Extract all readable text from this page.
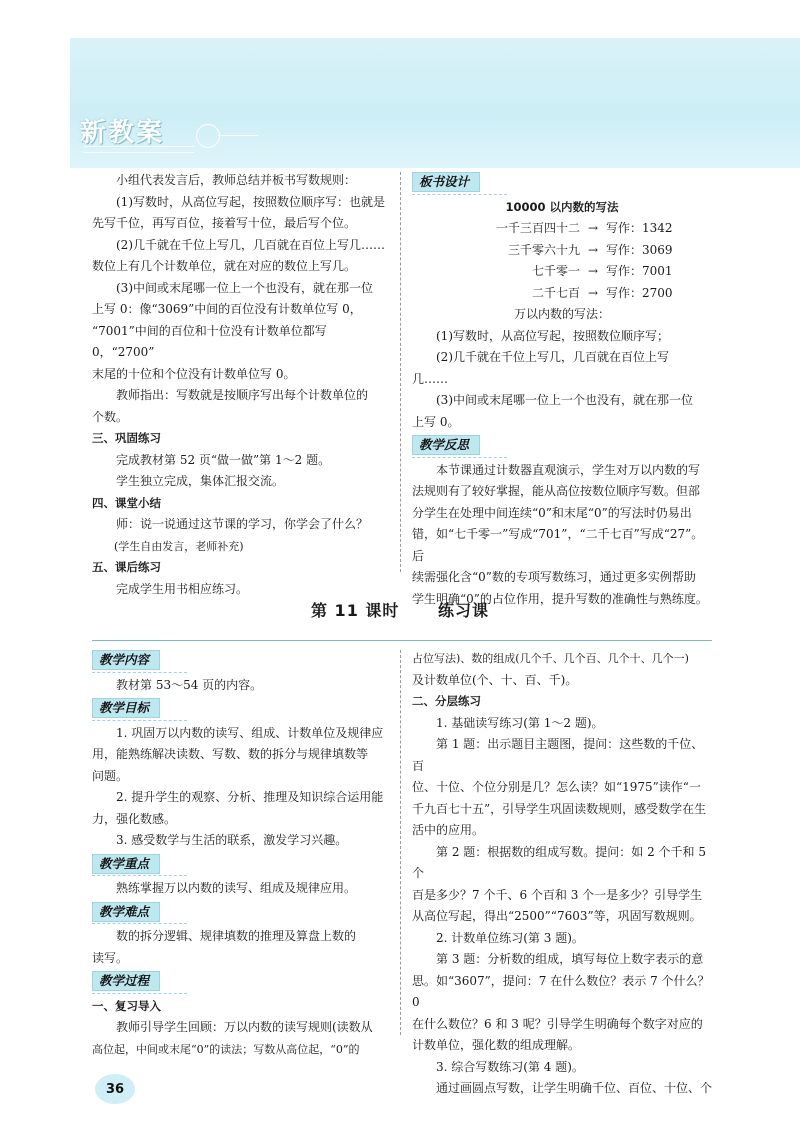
新教案

小组代表发言后，教师总结并板书写数规则：

(1)写数时，从高位写起，按照数位顺序写：也就是

先写千位，再写百位，接着写十位，最后写个位。

(2)几千就在千位上写几，几百就在百位上写几……

数位上有几个计数单位，就在对应的数位上写几。

(3)中间或末尾哪一位上一个也没有，就在那一位

上写 0：像“3069”中间的百位没有计数单位写 0，

“7001”中间的百位和十位没有计数单位都写 0，“2700”

末尾的十位和个位没有计数单位写 0。

教师指出：写数就是按顺序写出每个计数单位的

个数。

三、巩固练习

完成教材第 52 页“做一做”第 1～2 题。

学生独立完成，集体汇报交流。

四、课堂小结

师：说一说通过这节课的学习，你学会了什么？

(学生自由发言，老师补充)

五、课后练习

完成学生用书相应练习。

板书设计
10000 以内数的写法
一千三百四十二 → 写作：1342
三千零六十九 → 写作：3069
七千零一 → 写作：7001
二千七百 → 写作：2700
万以内数的写法：

(1)写数时，从高位写起，按照数位顺序写；

(2)几千就在千位上写几，几百就在百位上写

几……

(3)中间或末尾哪一位上一个也没有，就在那一位

上写 0。

教学反思

本节课通过计数器直观演示，学生对万以内数的写

法规则有了较好掌握，能从高位按数位顺序写数。但部

分学生在处理中间连续“0”和末尾“0”的写法时仍易出

错，如“七千零一”写成“701”，“二千七百”写成“27”。后

续需强化含“0”数的专项写数练习，通过更多实例帮助

学生明确“0”的占位作用，提升写数的准确性与熟练度。

第 11 课时 练习课
教学内容

教材第 53～54 页的内容。

教学目标

1. 巩固万以内数的读写、组成、计数单位及规律应

用，能熟练解决读数、写数、数的拆分与规律填数等

问题。

2. 提升学生的观察、分析、推理及知识综合运用能

力，强化数感。

3. 感受数学与生活的联系，激发学习兴趣。

教学重点

熟练掌握万以内数的读写、组成及规律应用。

教学难点

数的拆分逻辑、规律填数的推理及算盘上数的

读写。

教学过程

一、复习导入

教师引导学生回顾：万以内数的读写规则(读数从

高位起，中间或末尾“0”的读法；写数从高位起，“0”的

占位写法)、数的组成(几个千、几个百、几个十、几个一)

及计数单位(个、十、百、千)。

二、分层练习

1. 基础读写练习(第 1～2 题)。

第 1 题：出示题目主题图，提问：这些数的千位、百

位、十位、个位分别是几？怎么读？如“1975”读作“一

千九百七十五”，引导学生巩固读数规则，感受数学在生

活中的应用。

第 2 题：根据数的组成写数。提问：如 2 个千和 5 个

百是多少？7 个千、6 个百和 3 个一是多少？引导学生

从高位写起，得出“2500”“7603”等，巩固写数规则。

2. 计数单位练习(第 3 题)。

第 3 题：分析数的组成，填写每位上数字表示的意

思。如“3607”，提问：7 在什么数位？表示 7 个什么？0

在什么数位？6 和 3 呢？引导学生明确每个数字对应的

计数单位，强化数的组成理解。

3. 综合写数练习(第 4 题)。

通过画圆点写数，让学生明确千位、百位、十位、个

36
